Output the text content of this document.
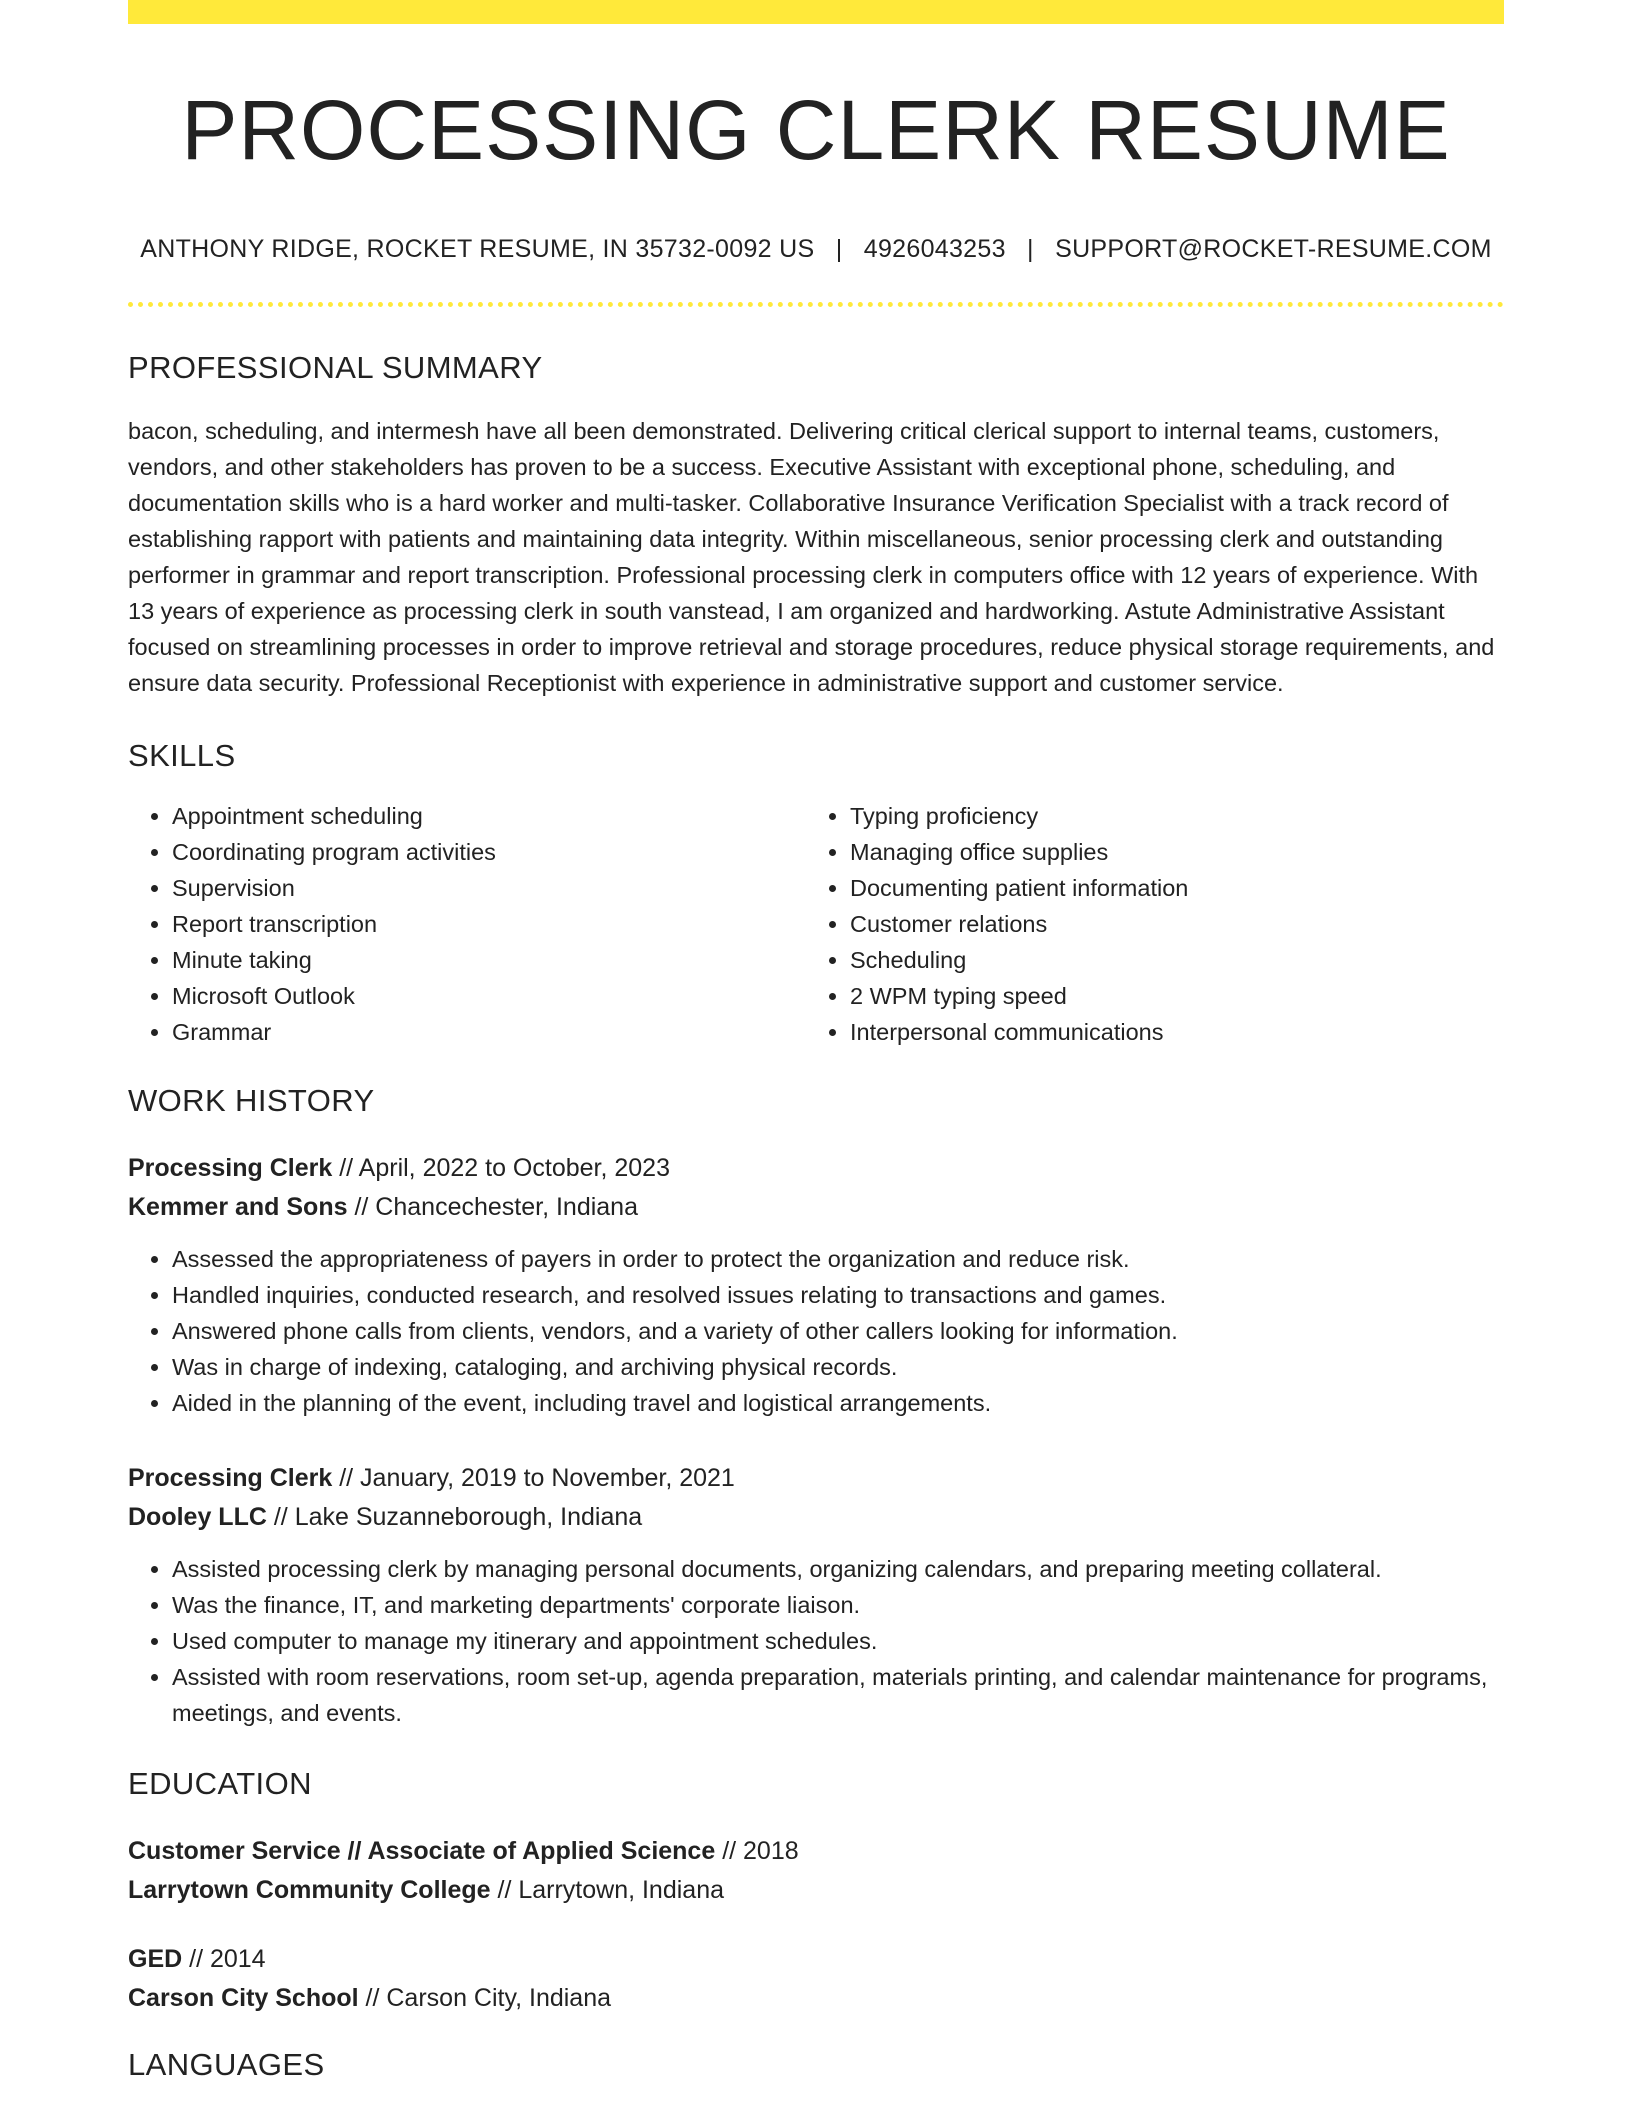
PROCESSING CLERK RESUME
ANTHONY RIDGE, ROCKET RESUME, IN 35732-0092 US | 4926043253 | SUPPORT@ROCKET-RESUME.COM
PROFESSIONAL SUMMARY
bacon, scheduling, and intermesh have all been demonstrated. Delivering critical clerical support to internal teams, customers, vendors, and other stakeholders has proven to be a success. Executive Assistant with exceptional phone, scheduling, and documentation skills who is a hard worker and multi-tasker. Collaborative Insurance Verification Specialist with a track record of establishing rapport with patients and maintaining data integrity. Within miscellaneous, senior processing clerk and outstanding performer in grammar and report transcription. Professional processing clerk in computers office with 12 years of experience. With 13 years of experience as processing clerk in south vanstead, I am organized and hardworking. Astute Administrative Assistant focused on streamlining processes in order to improve retrieval and storage procedures, reduce physical storage requirements, and ensure data security. Professional Receptionist with experience in administrative support and customer service.
SKILLS
• Appointment scheduling
• Coordinating program activities
• Supervision
• Report transcription
• Minute taking
• Microsoft Outlook
• Grammar
• Typing proficiency
• Managing office supplies
• Documenting patient information
• Customer relations
• Scheduling
• 2 WPM typing speed
• Interpersonal communications
WORK HISTORY
Processing Clerk // April, 2022 to October, 2023
Kemmer and Sons // Chancechester, Indiana
• Assessed the appropriateness of payers in order to protect the organization and reduce risk.
• Handled inquiries, conducted research, and resolved issues relating to transactions and games.
• Answered phone calls from clients, vendors, and a variety of other callers looking for information.
• Was in charge of indexing, cataloging, and archiving physical records.
• Aided in the planning of the event, including travel and logistical arrangements.
Processing Clerk // January, 2019 to November, 2021
Dooley LLC // Lake Suzanneborough, Indiana
• Assisted processing clerk by managing personal documents, organizing calendars, and preparing meeting collateral.
• Was the finance, IT, and marketing departments' corporate liaison.
• Used computer to manage my itinerary and appointment schedules.
• Assisted with room reservations, room set-up, agenda preparation, materials printing, and calendar maintenance for programs, meetings, and events.
EDUCATION
Customer Service // Associate of Applied Science // 2018
Larrytown Community College // Larrytown, Indiana
GED // 2014
Carson City School // Carson City, Indiana
LANGUAGES
